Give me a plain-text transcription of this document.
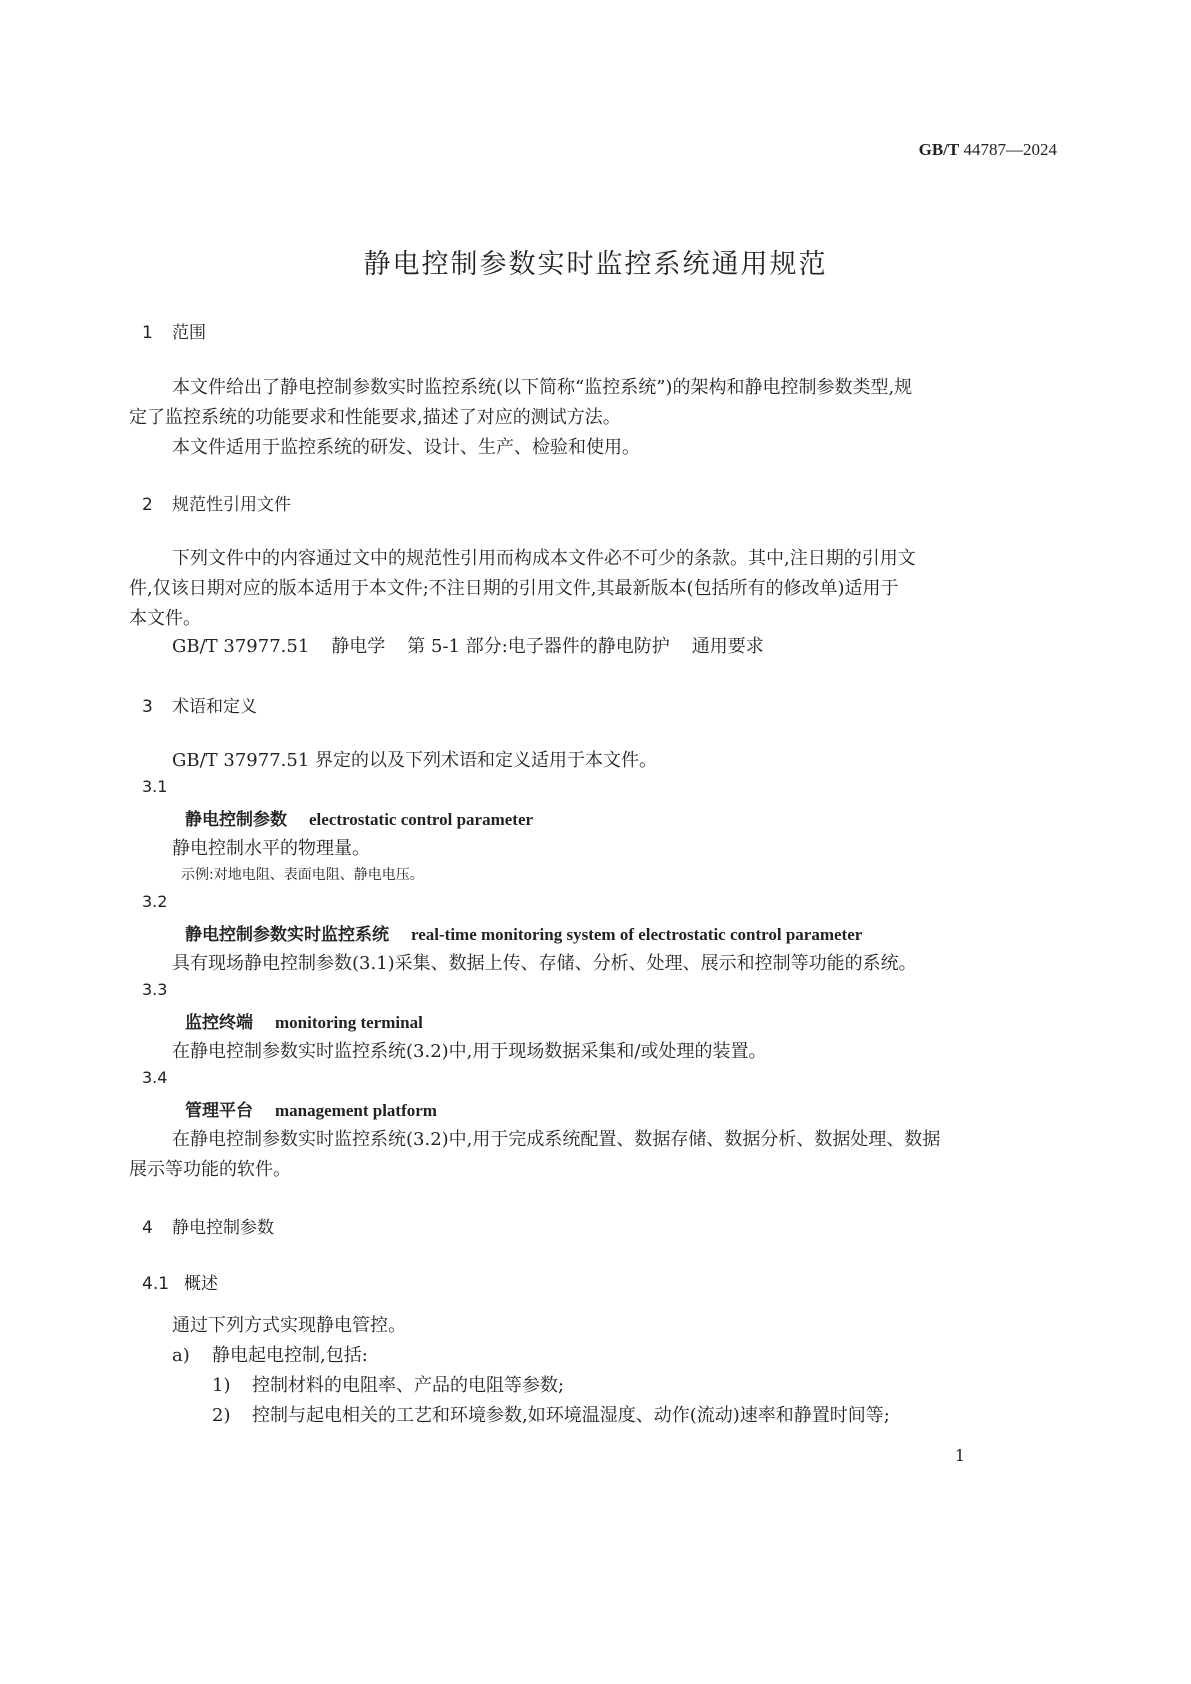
GB/T 44787—2024
静电控制参数实时监控系统通用规范
1 范围
本文件给出了静电控制参数实时监控系统(以下简称“监控系统”)的架构和静电控制参数类型,规
定了监控系统的功能要求和性能要求,描述了对应的测试方法。
本文件适用于监控系统的研发、设计、生产、检验和使用。
2 规范性引用文件
下列文件中的内容通过文中的规范性引用而构成本文件必不可少的条款。其中,注日期的引用文
件,仅该日期对应的版本适用于本文件;不注日期的引用文件,其最新版本(包括所有的修改单)适用于
本文件。
GB/T 37977.51 静电学 第 5-1 部分:电子器件的静电防护 通用要求
3 术语和定义
GB/T 37977.51 界定的以及下列术语和定义适用于本文件。
3.1
静电控制参数 electrostatic control parameter
静电控制水平的物理量。
示例:对地电阻、表面电阻、静电电压。
3.2
静电控制参数实时监控系统 real-time monitoring system of electrostatic control parameter
具有现场静电控制参数(3.1)采集、数据上传、存储、分析、处理、展示和控制等功能的系统。
3.3
监控终端 monitoring terminal
在静电控制参数实时监控系统(3.2)中,用于现场数据采集和/或处理的装置。
3.4
管理平台 management platform
在静电控制参数实时监控系统(3.2)中,用于完成系统配置、数据存储、数据分析、数据处理、数据
展示等功能的软件。
4 静电控制参数
4.1 概述
通过下列方式实现静电管控。
a) 静电起电控制,包括:
1) 控制材料的电阻率、产品的电阻等参数;
2) 控制与起电相关的工艺和环境参数,如环境温湿度、动作(流动)速率和静置时间等;
1
